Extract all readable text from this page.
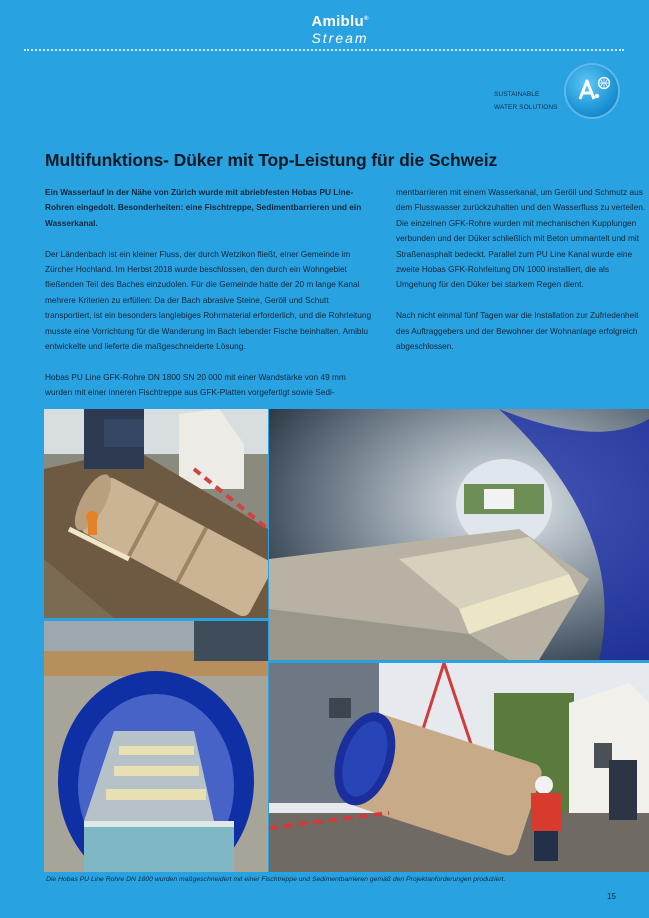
Amiblu®
Stream
SUSTAINABLE
WATER SOLUTIONS
Multifunktions- Düker mit Top-Leistung für die Schweiz

Ein Wasserlauf in der Nähe von Zürich wurde mit abriebfesten Hobas PU Line-Rohren eingedolt. Besonderheiten: eine Fischtreppe, Sedimentbarrieren und ein Wasserkanal.

Der Ländenbach ist ein kleiner Fluss, der durch Wetzikon fließt, einer Gemeinde im Zürcher Hochland. Im Herbst 2018 wurde beschlossen, den durch ein Wohngebiet fließenden Teil des Baches einzudolen. Für die Gemeinde hatte der 20 m lange Kanal mehrere Kriterien zu erfüllen: Da der Bach abrasive Steine, Geröll und Schutt transportiert, ist ein besonders langlebiges Rohrmaterial erforderlich, und die Rohrleitung musste eine Vorrichtung für die Wanderung im Bach lebender Fische beinhalten. Amiblu entwickelte und lieferte die maßgeschneiderte Lösung.

Hobas PU Line GFK-Rohre DN 1800 SN 20 000 mit einer Wandstärke von 49 mm wurden mit einer inneren Fischtreppe aus GFK-Platten vorgefertigt sowie Sedi-

mentbarrieren mit einem Wasserkanal, um Geröll und Schmutz aus dem Flusswasser zurückzuhalten und den Wasserfluss zu verteilen. Die einzelnen GFK-Rohre wurden mit mechanischen Kupplungen verbunden und der Düker schließlich mit Beton ummantelt und mit Straßenasphalt bedeckt. Parallel zum PU Line Kanal wurde eine zweite Hobas GFK-Rohrleitung DN 1000 installiert, die als Umgehung für den Düker bei starkem Regen dient.

Nach nicht einmal fünf Tagen war die Installation zur Zufriedenheit des Auftraggebers und der Bewohner der Wohnanlage erfolgreich abgeschlossen.

Die Hobas PU Line Rohre DN 1800 wurden maßgeschneidert mit einer Fischtreppe und Sedimentbarrieren gemäß den Projektanforderungen produziert.
15
